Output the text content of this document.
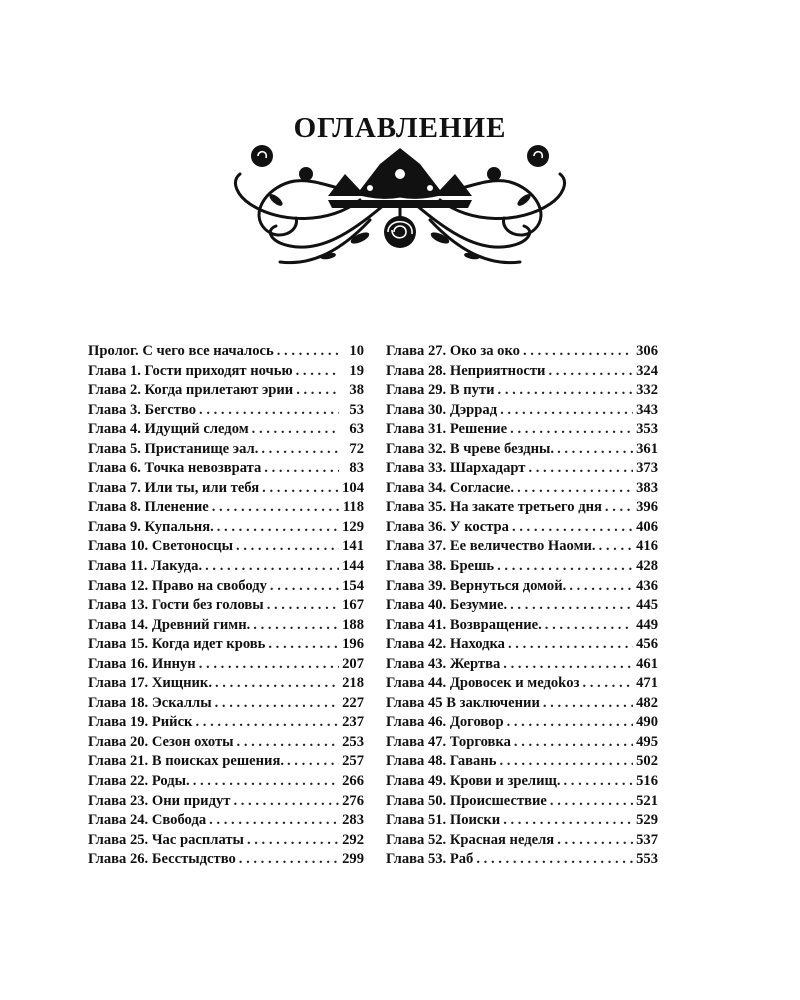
ОГЛАВЛЕНИЕ
Пролог. С чего все началось . . .	10
Глава 1. Гости приходят ночью . . .	19
Глава 2. Когда прилетают эрии . . .	38
Глава 3. Бегство . . .	53
Глава 4. Идущий следом . . .	63
Глава 5. Пристанище эал. . . .	72
Глава 6. Точка невозврата . . .	83
Глава 7. Или ты, или тебя . . .	104
Глава 8. Пленение . . .	118
Глава 9. Купальня. . . .	129
Глава 10. Светоносцы . . .	141
Глава 11. Лакуда. . . .	144
Глава 12. Право на свободу . . .	154
Глава 13. Гости без головы . . .	167
Глава 14. Древний гимн. . . .	188
Глава 15. Когда идет кровь . . .	196
Глава 16. Иннун . . .	207
Глава 17. Хищник. . . .	218
Глава 18. Эскаллы . . .	227
Глава 19. Рийск . . .	237
Глава 20. Сезон охоты . . .	253
Глава 21. В поисках решения. . . .	257
Глава 22. Роды. . . .	266
Глава 23. Они придут . . .	276
Глава 24. Свобода . . .	283
Глава 25. Час расплаты . . .	292
Глава 26. Бесстыдство . . .	299
Глава 27. Око за око . . .	306
Глава 28. Неприятности . . .	324
Глава 29. В пути . . .	332
Глава 30. Дэррад . . .	343
Глава 31. Решение . . .	353
Глава 32. В чреве бездны. . . .	361
Глава 33. Шархадарт . . .	373
Глава 34. Согласие. . . .	383
Глава 35. На закате третьего дня . . . 396
Глава 36. У костра . . .	406
Глава 37. Ее величество Наоми. . . .	416
Глава 38. Брешь . . .	428
Глава 39. Вернуться домой. . . .	436
Глава 40. Безумие. . . .	445
Глава 41. Возвращение. . . .	449
Глава 42. Находка . . .	456
Глава 43. Жертва . . .	461
Глава 44. Дровосек и медоkoз . . .	471
Глава 45 В заключении . . .	482
Глава 46. Договор . . .	490
Глава 47. Торговка . . .	495
Глава 48. Гавань . . .	502
Глава 49. Крови и зрелищ. . . .	516
Глава 50. Происшествие . . .	521
Глава 51. Поиски . . .	529
Глава 52. Красная неделя . . .	537
Глава 53. Раб . . .	553
